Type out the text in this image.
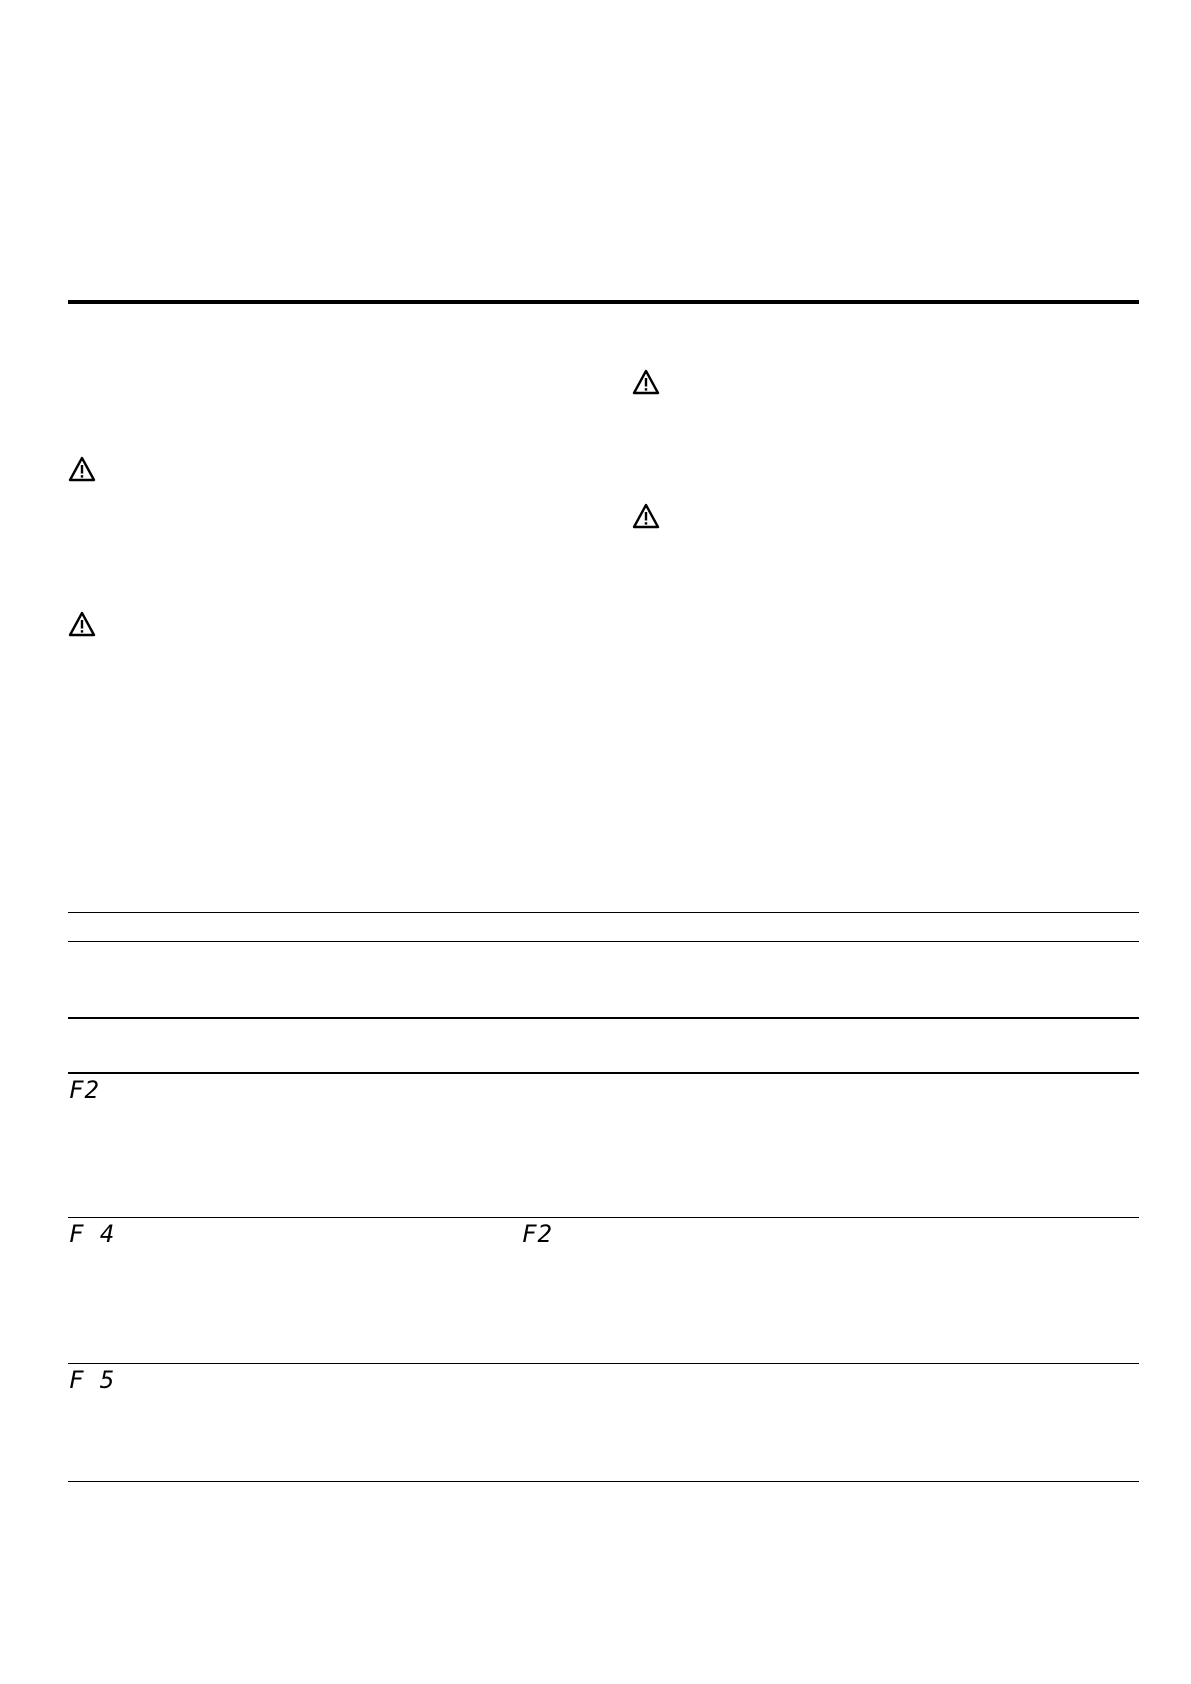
F2
F 4	F2
F 5
